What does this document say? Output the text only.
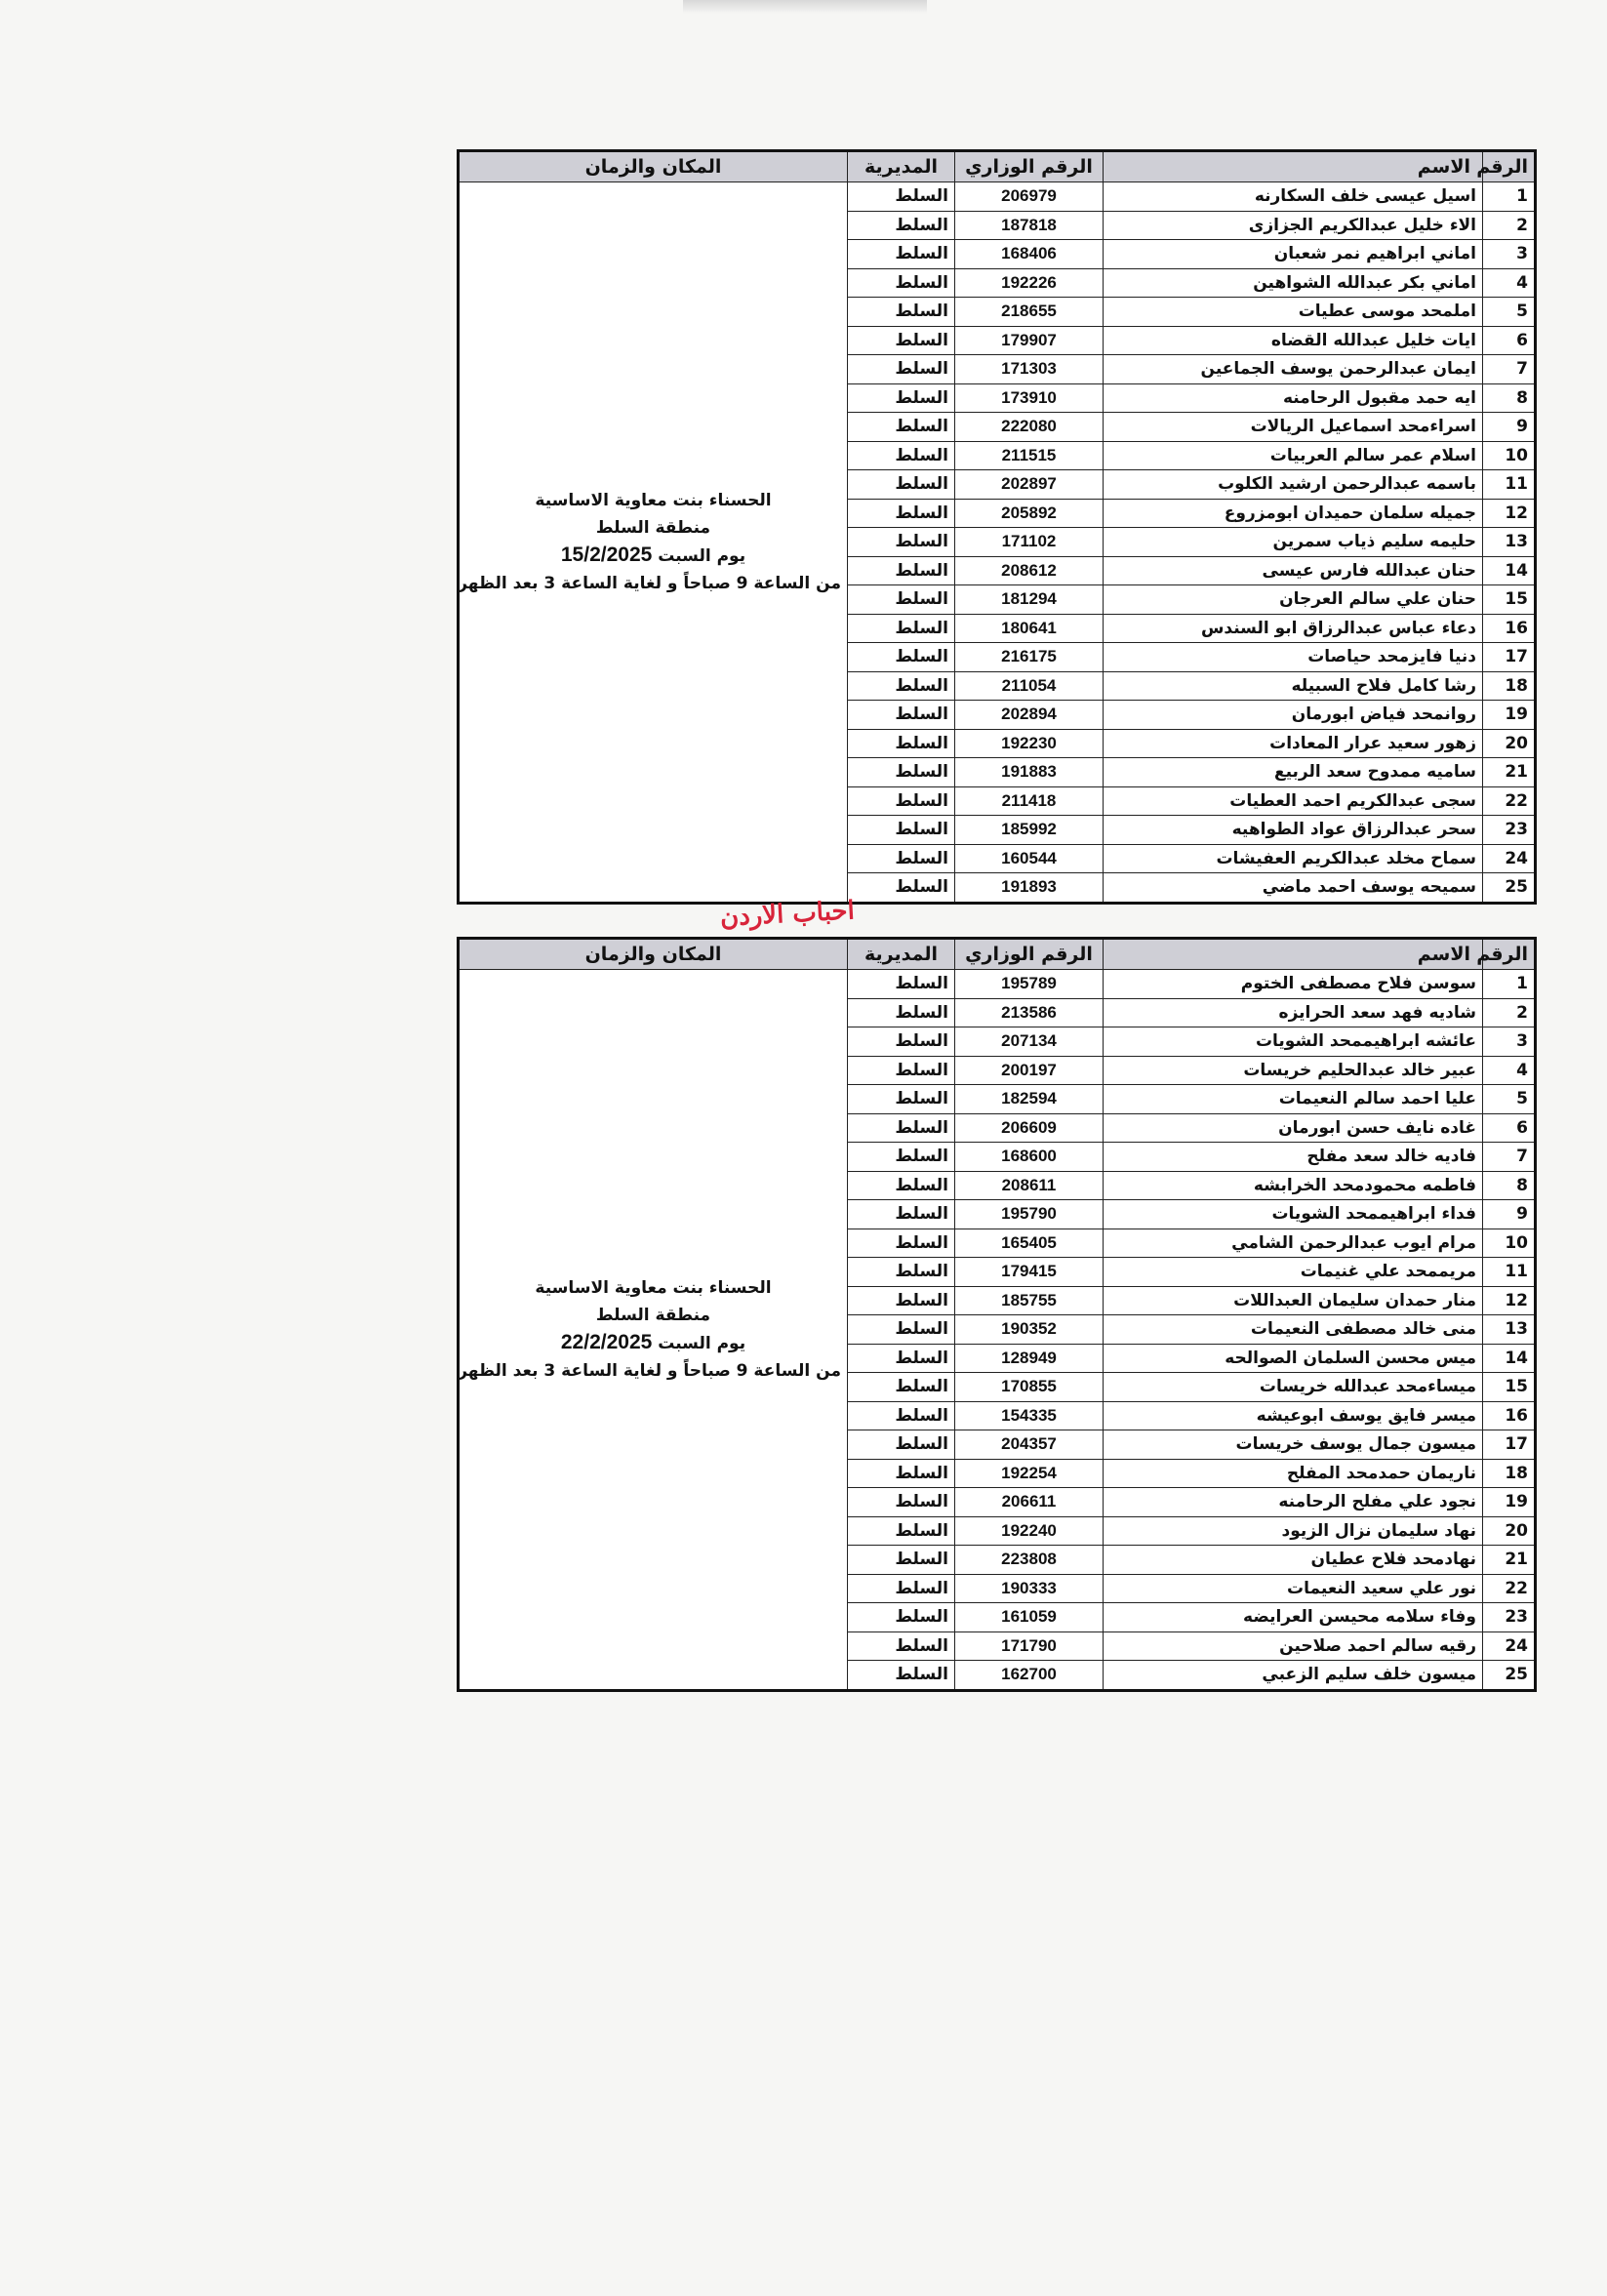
الرقم	الاسم	الرقم الوزاري	المديرية	المكان والزمان
1	اسيل عيسى خلف السكارنه	206979	السلط	الحسناء بنت معاوية الاساسية
منطقة السلط
يوم السبت 15/2/2025
من الساعة 9 صباحاً و لغاية الساعة 3 بعد الظهر

2	الاء خليل عبدالكريم الجزازى	187818	السلط	
3	اماني ابراهيم نمر شعبان	168406	السلط	
4	اماني بكر عبدالله الشواهين	192226	السلط	
5	املمحد موسى عطيات	218655	السلط	
6	ايات خليل عبدالله القضاه	179907	السلط	
7	ايمان عبدالرحمن يوسف الجماعين	171303	السلط	
8	ايه حمد مقبول الرحامنه	173910	السلط	
9	اسراءمحد اسماعيل الريالات	222080	السلط	
10	اسلام عمر سالم العربيات	211515	السلط	
11	باسمه عبدالرحمن ارشيد الكلوب	202897	السلط	
12	جميله سلمان حميدان ابومزروع	205892	السلط	
13	حليمه سليم ذياب سمرين	171102	السلط	
14	حنان عبدالله فارس عيسى	208612	السلط	
15	حنان علي سالم العرجان	181294	السلط	
16	دعاء عباس عبدالرزاق ابو السندس	180641	السلط	
17	دنيا فايزمحد حياصات	216175	السلط	
18	رشا كامل فلاح السبيله	211054	السلط	
19	روانمحد فياض ابورمان	202894	السلط	
20	زهور سعيد عرار المعادات	192230	السلط	
21	ساميه ممدوح سعد الربيع	191883	السلط	
22	سجى عبدالكريم احمد العطيات	211418	السلط	
23	سحر عبدالرزاق عواد الطواهيه	185992	السلط	
24	سماح مخلد عبدالكريم العفيشات	160544	السلط	
25	سميحه يوسف احمد ماضي	191893	السلط	
احباب الاردن
الرقم	الاسم	الرقم الوزاري	المديرية	المكان والزمان
1	سوسن فلاح مصطفى الختوم	195789	السلط	الحسناء بنت معاوية الاساسية
منطقة السلط
يوم السبت 22/2/2025
من الساعة 9 صباحاً و لغاية الساعة 3 بعد الظهر

2	شاديه فهد سعد الحرايزه	213586	السلط	
3	عائشه ابراهيممحد الشويات	207134	السلط	
4	عبير خالد عبدالحليم خريسات	200197	السلط	
5	عليا احمد سالم النعيمات	182594	السلط	
6	غاده نايف حسن ابورمان	206609	السلط	
7	فاديه خالد سعد مفلح	168600	السلط	
8	فاطمه محمودمحد الخرابشه	208611	السلط	
9	فداء ابراهيممحد الشويات	195790	السلط	
10	مرام ايوب عبدالرحمن الشامي	165405	السلط	
11	مريممحد علي غنيمات	179415	السلط	
12	منار حمدان سليمان العبداللات	185755	السلط	
13	منى خالد مصطفى النعيمات	190352	السلط	
14	ميس محسن السلمان الصوالحه	128949	السلط	
15	ميساءمحد عبدالله خريسات	170855	السلط	
16	ميسر فايق يوسف ابوعيشه	154335	السلط	
17	ميسون جمال يوسف خريسات	204357	السلط	
18	ناريمان حمدمحد المفلح	192254	السلط	
19	نجود علي مفلح الرحامنه	206611	السلط	
20	نهاد سليمان نزال الزيود	192240	السلط	
21	نهادمحد فلاح عطيان	223808	السلط	
22	نور علي سعيد النعيمات	190333	السلط	
23	وفاء سلامه محيسن العرايضه	161059	السلط	
24	رقيه سالم احمد صلاحين	171790	السلط	
25	ميسون خلف سليم الزعبي	162700	السلط	
